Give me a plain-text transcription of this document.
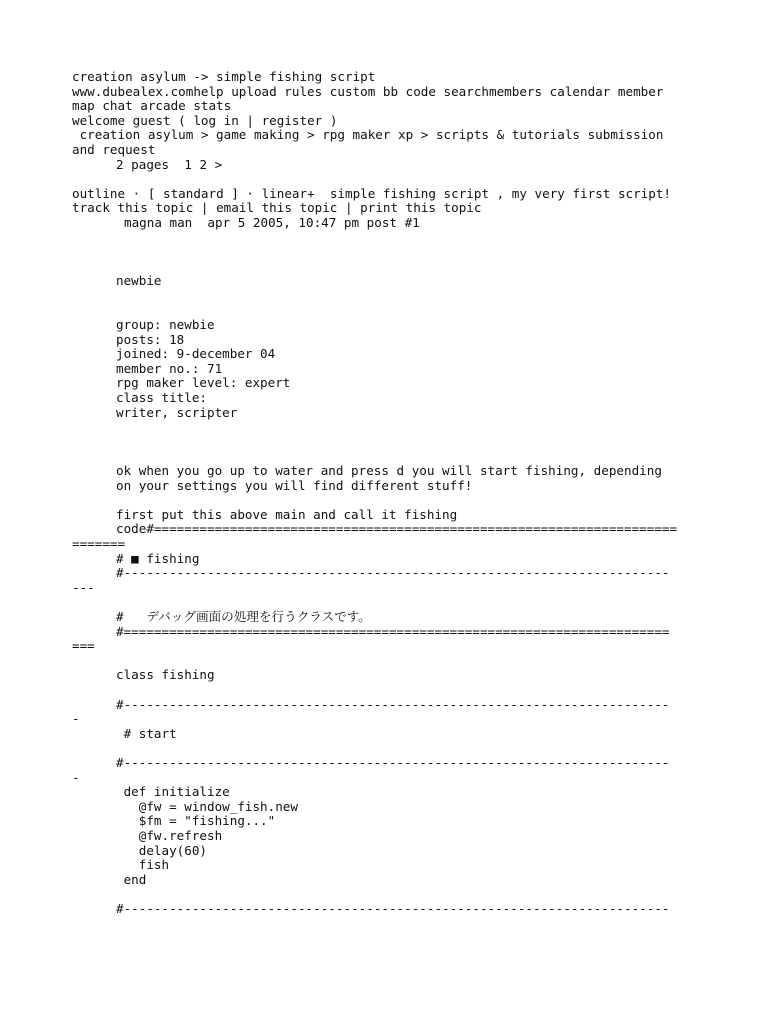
creation asylum -> simple fishing script
www.dubealex.comhelp upload rules custom bb code searchmembers calendar member
map chat arcade stats
welcome guest ( log in | register )
creation asylum > game making > rpg maker xp > scripts & tutorials submission
and request
2 pages  1 2 >

outline · [ standard ] · linear+  simple fishing script , my very first script!
track this topic | email this topic | print this topic
magna man apr 5 2005, 10:47 pm post #1
newbie
group: newbie
posts: 18
joined: 9-december 04
member no.: 71
rpg maker level: expert
class title:
writer, scripter
ok when you go up to water and press d you will start fishing, depending
on your settings you will find different stuff!

first put this above main and call it fishing
code#=====================================================================
=======
# ■ fishing
#------------------------------------------------------------------------
---

#   デバッグ画面の処理を行うクラスです。
#========================================================================
===

class fishing

#------------------------------------------------------------------------
-
# start

#------------------------------------------------------------------------
-
def initialize
@fw = window_fish.new
$fm = "fishing..."
@fw.refresh
delay(60)
fish
end

#------------------------------------------------------------------------
